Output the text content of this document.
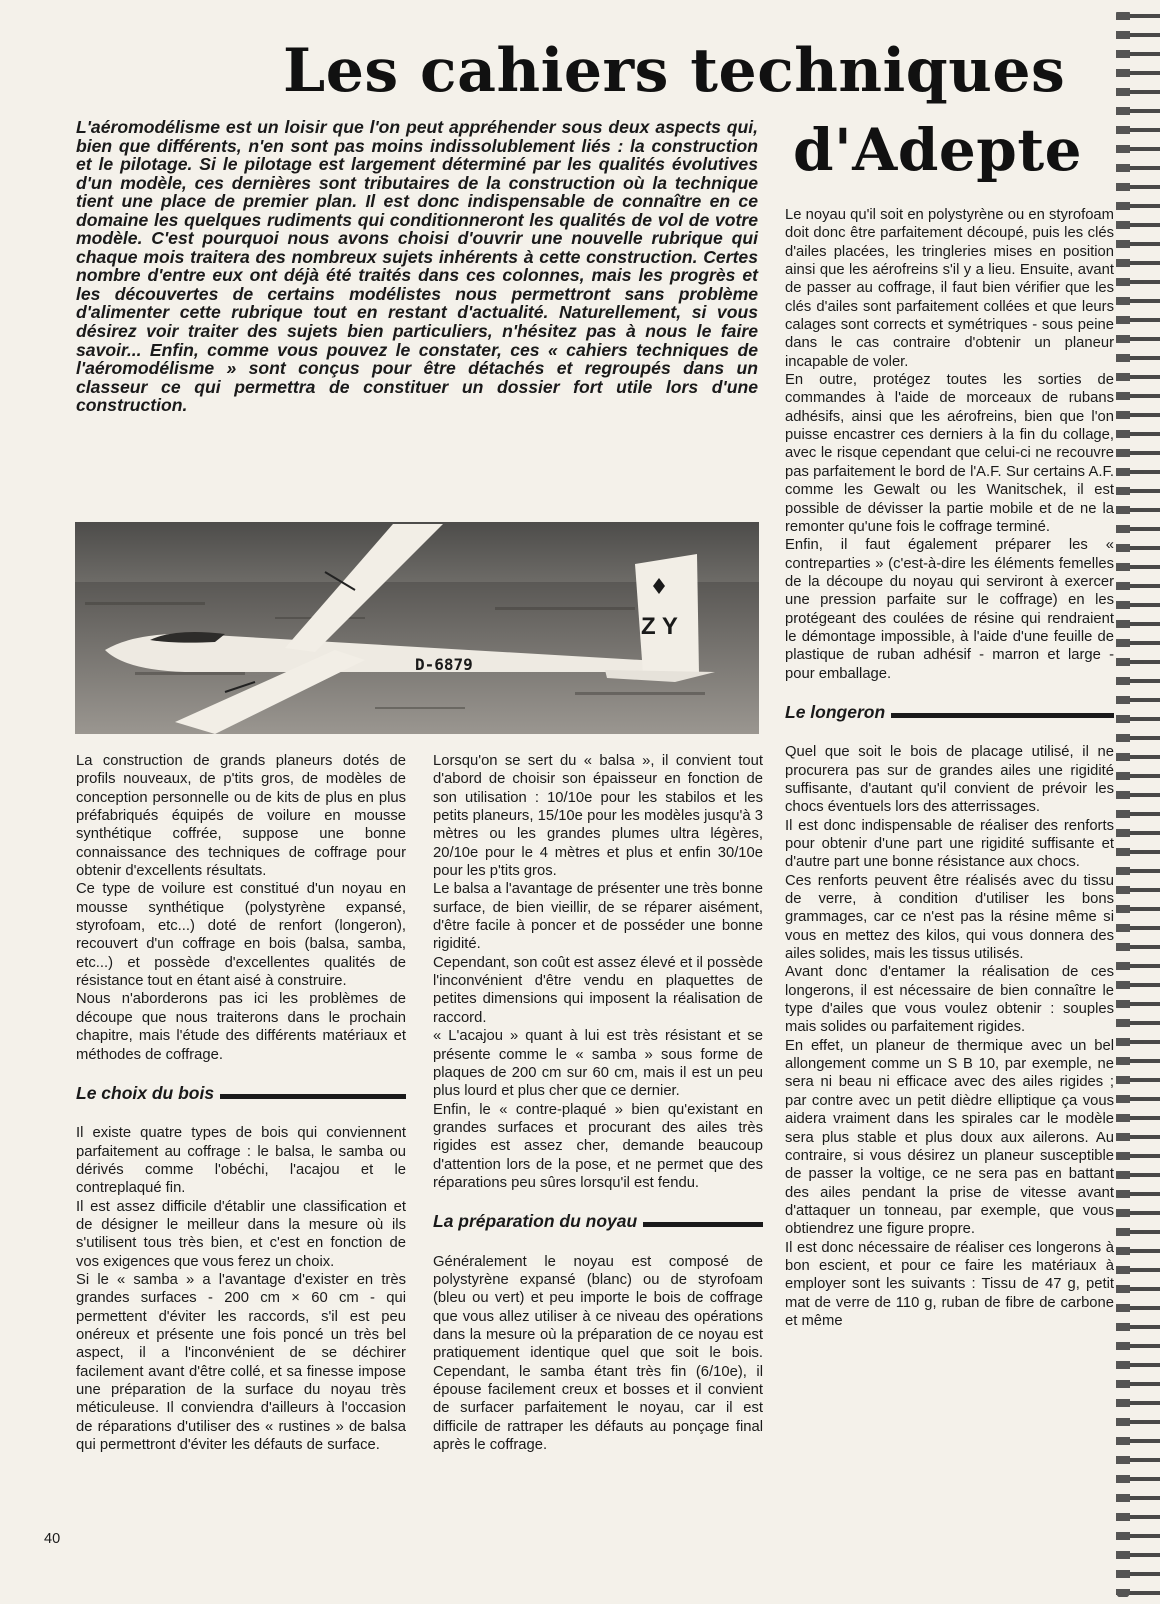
Les cahiers techniques
d'Adepte

L'aéromodélisme est un loisir que l'on peut appréhender sous deux aspects qui, bien que différents, n'en sont pas moins indissolublement liés : la construction et le pilotage. Si le pilotage est largement déterminé par les qualités évolutives d'un modèle, ces dernières sont tributaires de la construction où la technique tient une place de premier plan. Il est donc indispensable de connaître en ce domaine les quelques rudiments qui conditionneront les qualités de vol de votre modèle. C'est pourquoi nous avons choisi d'ouvrir une nouvelle rubrique qui chaque mois traitera des nombreux sujets inhérents à cette construction. Certes nombre d'entre eux ont déjà été traités dans ces colonnes, mais les progrès et les découvertes de certains modélistes nous permettront sans problème d'alimenter cette rubrique tout en restant d'actualité. Naturellement, si vous désirez voir traiter des sujets bien particuliers, n'hésitez pas à nous le faire savoir... Enfin, comme vous pouvez le constater, ces « cahiers techniques de l'aéromodélisme » sont conçus pour être détachés et regroupés dans un classeur ce qui permettra de constituer un dossier fort utile lors d'une construction.

D-6879
Z Y

La construction de grands planeurs dotés de profils nouveaux, de p'tits gros, de modèles de conception personnelle ou de kits de plus en plus préfabriqués équipés de voilure en mousse synthétique coffrée, suppose une bonne connaissance des techniques de coffrage pour obtenir d'excellents résultats.

Ce type de voilure est constitué d'un noyau en mousse synthétique (polystyrène expansé, styrofoam, etc...) doté de renfort (longeron), recouvert d'un coffrage en bois (balsa, samba, etc...) et possède d'excellentes qualités de résistance tout en étant aisé à construire.

Nous n'aborderons pas ici les problèmes de découpe que nous traiterons dans le prochain chapitre, mais l'étude des différents matériaux et méthodes de coffrage.

Le choix du bois

Il existe quatre types de bois qui conviennent parfaitement au coffrage : le balsa, le samba ou dérivés comme l'obéchi, l'acajou et le contreplaqué fin.

Il est assez difficile d'établir une classification et de désigner le meilleur dans la mesure où ils s'utilisent tous très bien, et c'est en fonction de vos exigences que vous ferez un choix.

Si le « samba » a l'avantage d'exister en très grandes surfaces - 200 cm × 60 cm - qui permettent d'éviter les raccords, s'il est peu onéreux et présente une fois poncé un très bel aspect, il a l'inconvénient de se déchirer facilement avant d'être collé, et sa finesse impose une préparation de la surface du noyau très méticuleuse. Il conviendra d'ailleurs à l'occasion de réparations d'utiliser des « rustines » de balsa qui permettront d'éviter les défauts de surface.

Lorsqu'on se sert du « balsa », il convient tout d'abord de choisir son épaisseur en fonction de son utilisation : 10/10e pour les stabilos et les petits planeurs, 15/10e pour les modèles jusqu'à 3 mètres ou les grandes plumes ultra légères, 20/10e pour le 4 mètres et plus et enfin 30/10e pour les p'tits gros.

Le balsa a l'avantage de présenter une très bonne surface, de bien vieillir, de se réparer aisément, d'être facile à poncer et de posséder une bonne rigidité.

Cependant, son coût est assez élevé et il possède l'inconvénient d'être vendu en plaquettes de petites dimensions qui imposent la réalisation de raccord.

« L'acajou » quant à lui est très résistant et se présente comme le « samba » sous forme de plaques de 200 cm sur 60 cm, mais il est un peu plus lourd et plus cher que ce dernier.

Enfin, le « contre-plaqué » bien qu'existant en grandes surfaces et procurant des ailes très rigides est assez cher, demande beaucoup d'attention lors de la pose, et ne permet que des réparations peu sûres lorsqu'il est fendu.

La préparation du noyau

Généralement le noyau est composé de polystyrène expansé (blanc) ou de styrofoam (bleu ou vert) et peu importe le bois de coffrage que vous allez utiliser à ce niveau des opérations dans la mesure où la préparation de ce noyau est pratiquement identique quel que soit le bois. Cependant, le samba étant très fin (6/10e), il épouse facilement creux et bosses et il convient de surfacer parfaitement le noyau, car il est difficile de rattraper les défauts au ponçage final après le coffrage.

Le noyau qu'il soit en polystyrène ou en styrofoam doit donc être parfaitement découpé, puis les clés d'ailes placées, les tringleries mises en position ainsi que les aérofreins s'il y a lieu. Ensuite, avant de passer au coffrage, il faut bien vérifier que les clés d'ailes sont parfaitement collées et que leurs calages sont corrects et symétriques - sous peine dans le cas contraire d'obtenir un planeur incapable de voler.

En outre, protégez toutes les sorties de commandes à l'aide de morceaux de rubans adhésifs, ainsi que les aérofreins, bien que l'on puisse encastrer ces derniers à la fin du collage, avec le risque cependant que celui-ci ne recouvre pas parfaitement le bord de l'A.F. Sur certains A.F. comme les Gewalt ou les Wanitschek, il est possible de dévisser la partie mobile et de ne la remonter qu'une fois le coffrage terminé.

Enfin, il faut également préparer les « contreparties » (c'est-à-dire les éléments femelles de la découpe du noyau qui serviront à exercer une pression parfaite sur le coffrage) en les protégeant des coulées de résine qui rendraient le démontage impossible, à l'aide d'une feuille de plastique de ruban adhésif - marron et large - pour emballage.

Le longeron

Quel que soit le bois de placage utilisé, il ne procurera pas sur de grandes ailes une rigidité suffisante, d'autant qu'il convient de prévoir les chocs éventuels lors des atterrissages.

Il est donc indispensable de réaliser des renforts pour obtenir d'une part une rigidité suffisante et d'autre part une bonne résistance aux chocs.

Ces renforts peuvent être réalisés avec du tissu de verre, à condition d'utiliser les bons grammages, car ce n'est pas la résine même si vous en mettez des kilos, qui vous donnera des ailes solides, mais les tissus utilisés.

Avant donc d'entamer la réalisation de ces longerons, il est nécessaire de bien connaître le type d'ailes que vous voulez obtenir : souples mais solides ou parfaitement rigides.

En effet, un planeur de thermique avec un bel allongement comme un S B 10, par exemple, ne sera ni beau ni efficace avec des ailes rigides ; par contre avec un petit dièdre elliptique ça vous aidera vraiment dans les spirales car le modèle sera plus stable et plus doux aux ailerons. Au contraire, si vous désirez un planeur susceptible de passer la voltige, ce ne sera pas en battant des ailes pendant la prise de vitesse avant d'attaquer un tonneau, par exemple, que vous obtiendrez une figure propre.

Il est donc nécessaire de réaliser ces longerons à bon escient, et pour ce faire les matériaux à employer sont les suivants : Tissu de 47 g, petit mat de verre de 110 g, ruban de fibre de carbone et même

40
